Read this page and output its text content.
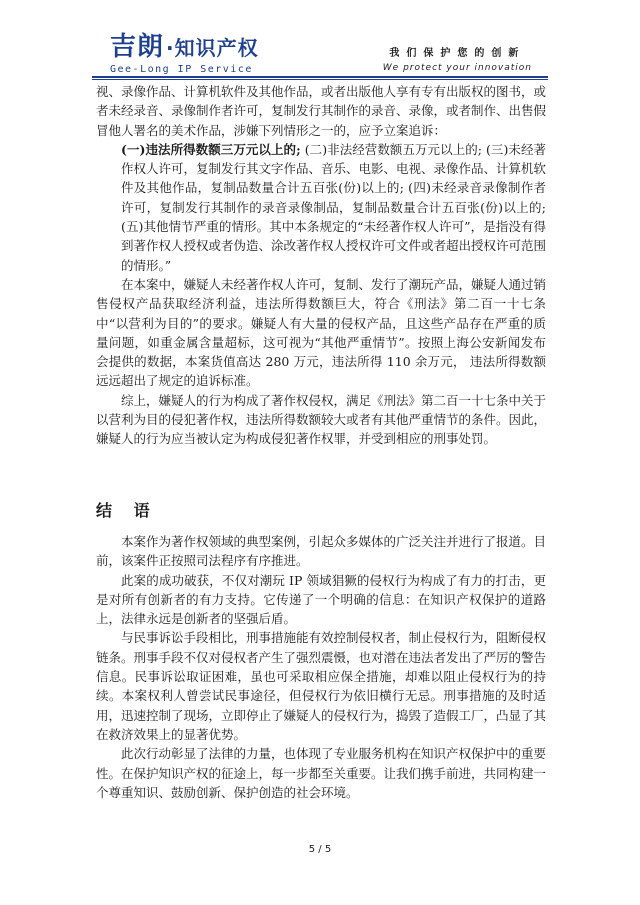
吉朗 ·知识产权
Gee-Long IP Service
我们保护您的创新
We protect your innovation

视、录像作品、计算机软件及其他作品，或者出版他人享有专有出版权的图书，或者未经录音、录像制作者许可，复制发行其制作的录音、录像，或者制作、出售假冒他人署名的美术作品，涉嫌下列情形之一的，应予立案追诉：

(一)违法所得数额三万元以上的; (二)非法经营数额五万元以上的; (三)未经著作权人许可，复制发行其文字作品、音乐、电影、电视、录像作品、计算机软件及其他作品，复制品数量合计五百张(份)以上的; (四)未经录音录像制作者许可，复制发行其制作的录音录像制品，复制品数量合计五百张(份)以上的; (五)其他情节严重的情形。其中本条规定的“未经著作权人许可”，是指没有得到著作权人授权或者伪造、涂改著作权人授权许可文件或者超出授权许可范围的情形。”

在本案中，嫌疑人未经著作权人许可，复制、发行了潮玩产品，嫌疑人通过销售侵权产品获取经济利益，违法所得数额巨大，符合《刑法》第二百一十七条中“以营利为目的”的要求。嫌疑人有大量的侵权产品，且这些产品存在严重的质量问题，如重金属含量超标，这可视为“其他严重情节”。按照上海公安新闻发布会提供的数据，本案货值高达 280 万元，违法所得 110 余万元， 违法所得数额远远超出了规定的追诉标准。

综上，嫌疑人的行为构成了著作权侵权，满足《刑法》第二百一十七条中关于以营利为目的侵犯著作权，违法所得数额较大或者有其他严重情节的条件。因此，嫌疑人的行为应当被认定为构成侵犯著作权罪，并受到相应的刑事处罚。

结 语

本案作为著作权领域的典型案例，引起众多媒体的广泛关注并进行了报道。目前，该案件正按照司法程序有序推进。

此案的成功破获，不仅对潮玩 IP 领域猖獗的侵权行为构成了有力的打击，更是对所有创新者的有力支持。它传递了一个明确的信息：在知识产权保护的道路上，法律永远是创新者的坚强后盾。

与民事诉讼手段相比，刑事措施能有效控制侵权者，制止侵权行为，阻断侵权链条。刑事手段不仅对侵权者产生了强烈震慑，也对潜在违法者发出了严厉的警告信息。民事诉讼取证困难，虽也可采取相应保全措施，却难以阻止侵权行为的持续。本案权利人曾尝试民事途径，但侵权行为依旧横行无忌。刑事措施的及时适用，迅速控制了现场，立即停止了嫌疑人的侵权行为，捣毁了造假工厂，凸显了其在救济效果上的显著优势。

此次行动彰显了法律的力量，也体现了专业服务机构在知识产权保护中的重要性。在保护知识产权的征途上，每一步都至关重要。让我们携手前进，共同构建一个尊重知识、鼓励创新、保护创造的社会环境。

5 / 5
